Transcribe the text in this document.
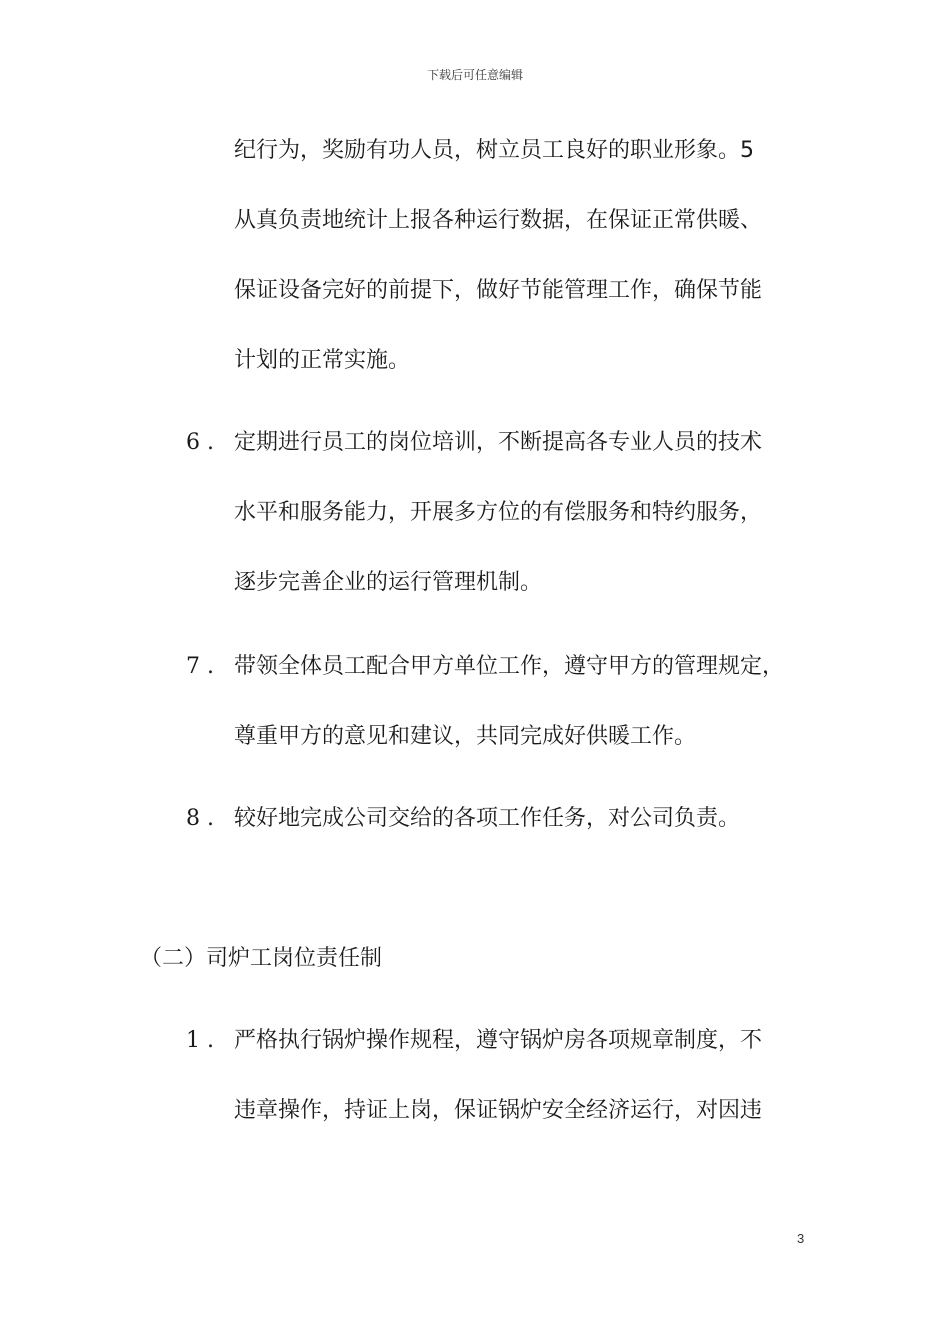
下载后可任意编辑
纪行为，奖励有功人员，树立员工良好的职业形象。5
从真负责地统计上报各种运行数据，在保证正常供暖、
保证设备完好的前提下，做好节能管理工作，确保节能
计划的正常实施。
6 . 定期进行员工的岗位培训，不断提高各专业人员的技术
水平和服务能力，开展多方位的有偿服务和特约服务，
逐步完善企业的运行管理机制。
7 . 带领全体员工配合甲方单位工作，遵守甲方的管理规定，
尊重甲方的意见和建议，共同完成好供暖工作。
8 . 较好地完成公司交给的各项工作任务，对公司负责。
（二）司炉工岗位责任制
1 . 严格执行锅炉操作规程，遵守锅炉房各项规章制度，不
违章操作，持证上岗，保证锅炉安全经济运行，对因违
3
